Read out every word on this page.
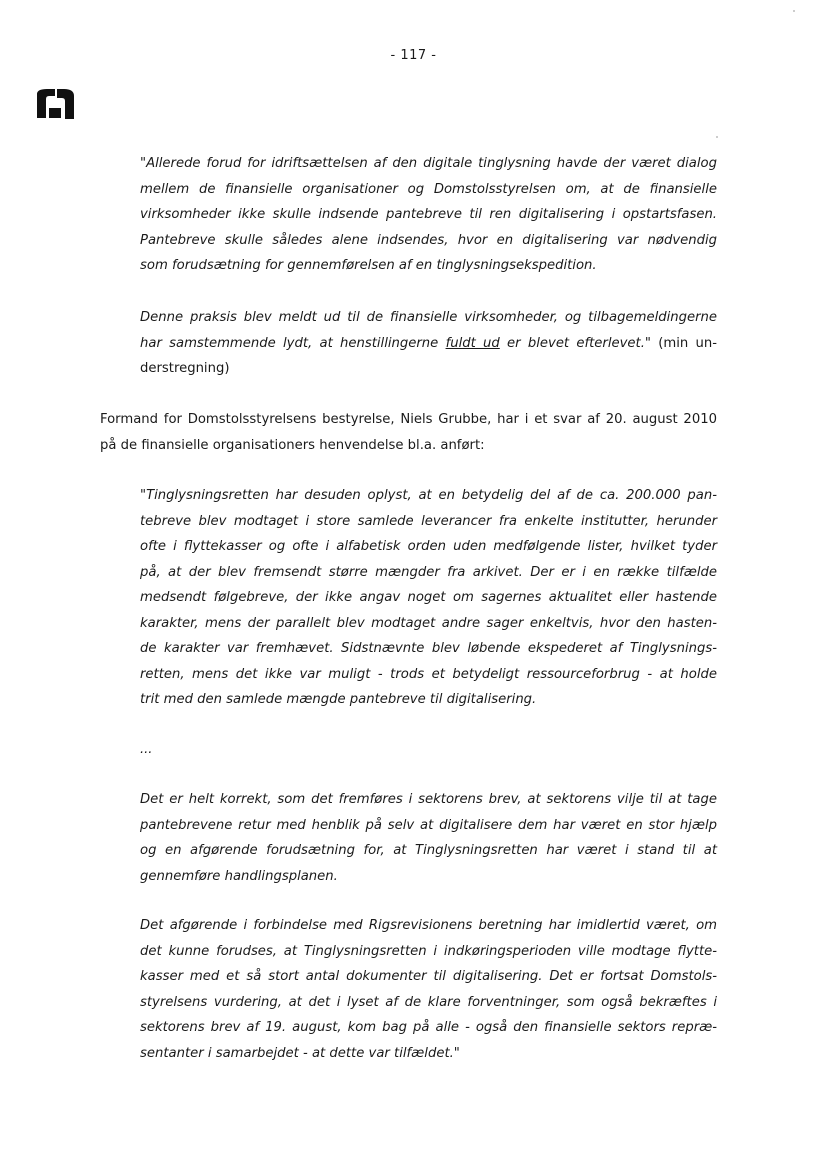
- 117 -
"Allerede forud for idriftsættelsen af den digitale tinglysning havde der været dialog
mellem de finansielle organisationer og Domstolsstyrelsen om, at de finansielle
virksomheder ikke skulle indsende pantebreve til ren digitalisering i opstartsfasen.
Pantebreve skulle således alene indsendes, hvor en digitalisering var nødvendig
som forudsætning for gennemførelsen af en tinglysningsekspedition.
Denne praksis blev meldt ud til de finansielle virksomheder, og tilbagemeldingerne
har samstemmende lydt, at henstillingerne fuldt ud er blevet efterlevet." (min un-
derstregning)
Formand for Domstolsstyrelsens bestyrelse, Niels Grubbe, har i et svar af 20. august 2010
på de finansielle organisationers henvendelse bl.a. anført:
"Tinglysningsretten har desuden oplyst, at en betydelig del af de ca. 200.000 pan-
tebreve blev modtaget i store samlede leverancer fra enkelte institutter, herunder
ofte i flyttekasser og ofte i alfabetisk orden uden medfølgende lister, hvilket tyder
på, at der blev fremsendt større mængder fra arkivet. Der er i en række tilfælde
medsendt følgebreve, der ikke angav noget om sagernes aktualitet eller hastende
karakter, mens der parallelt blev modtaget andre sager enkeltvis, hvor den hasten-
de karakter var fremhævet. Sidstnævnte blev løbende ekspederet af Tinglysnings-
retten, mens det ikke var muligt - trods et betydeligt ressourceforbrug - at holde
trit med den samlede mængde pantebreve til digitalisering.
...
Det er helt korrekt, som det fremføres i sektorens brev, at sektorens vilje til at tage
pantebrevene retur med henblik på selv at digitalisere dem har været en stor hjælp
og en afgørende forudsætning for, at Tinglysningsretten har været i stand til at
gennemføre handlingsplanen.
Det afgørende i forbindelse med Rigsrevisionens beretning har imidlertid været, om
det kunne forudses, at Tinglysningsretten i indkøringsperioden ville modtage flytte-
kasser med et så stort antal dokumenter til digitalisering. Det er fortsat Domstols-
styrelsens vurdering, at det i lyset af de klare forventninger, som også bekræftes i
sektorens brev af 19. august, kom bag på alle - også den finansielle sektors repræ-
sentanter i samarbejdet - at dette var tilfældet."
